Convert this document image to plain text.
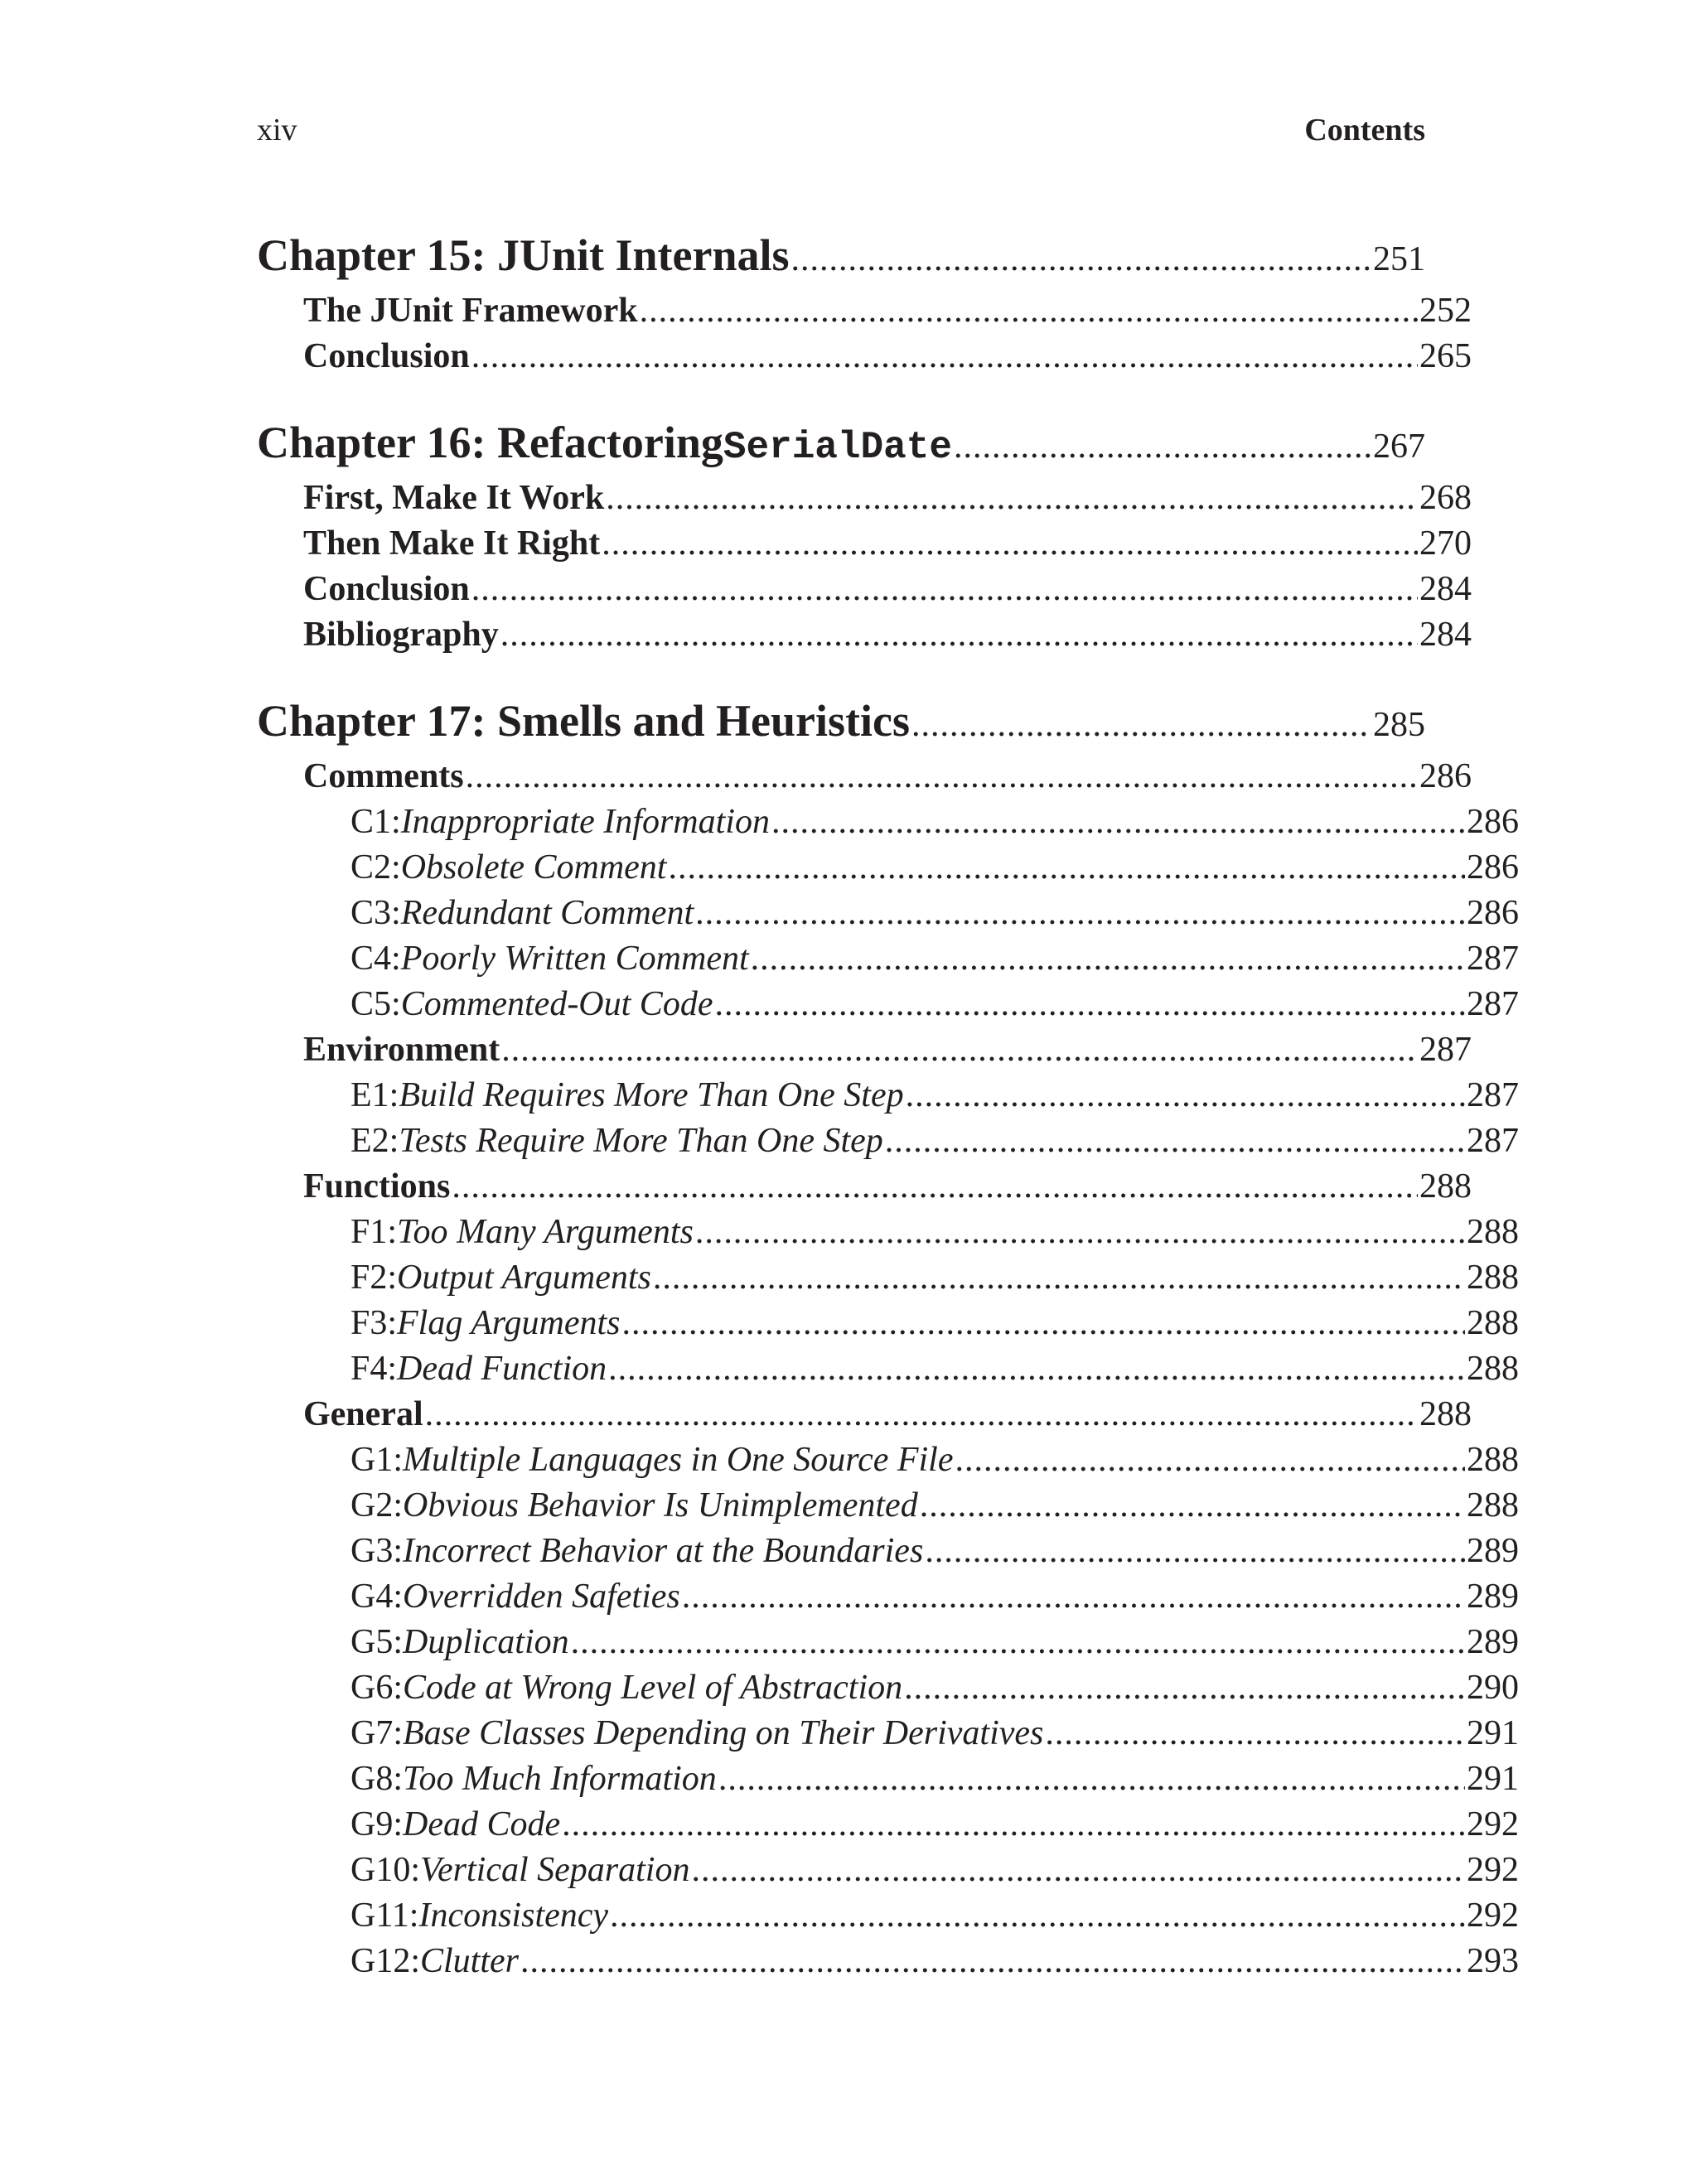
xiv	Contents
Chapter 15: JUnit Internals .....	251
The JUnit Framework .....	252
Conclusion .....	265
Chapter 16: Refactoring SerialDate .....	267
First, Make It Work .....	268
Then Make It Right .....	270
Conclusion .....	284
Bibliography .....	284
Chapter 17: Smells and Heuristics .....	285
Comments .....	286
C1: Inappropriate Information .....	286
C2: Obsolete Comment .....	286
C3: Redundant Comment .....	286
C4: Poorly Written Comment .....	287
C5: Commented-Out Code .....	287
Environment .....	287
E1: Build Requires More Than One Step .....	287
E2: Tests Require More Than One Step .....	287
Functions .....	288
F1: Too Many Arguments .....	288
F2: Output Arguments .....	288
F3: Flag Arguments .....	288
F4: Dead Function .....	288
General .....	288
G1: Multiple Languages in One Source File .....	288
G2: Obvious Behavior Is Unimplemented .....	288
G3: Incorrect Behavior at the Boundaries .....	289
G4: Overridden Safeties .....	289
G5: Duplication .....	289
G6: Code at Wrong Level of Abstraction .....	290
G7: Base Classes Depending on Their Derivatives .....	291
G8: Too Much Information .....	291
G9: Dead Code .....	292
G10: Vertical Separation .....	292
G11: Inconsistency .....	292
G12: Clutter .....	293
